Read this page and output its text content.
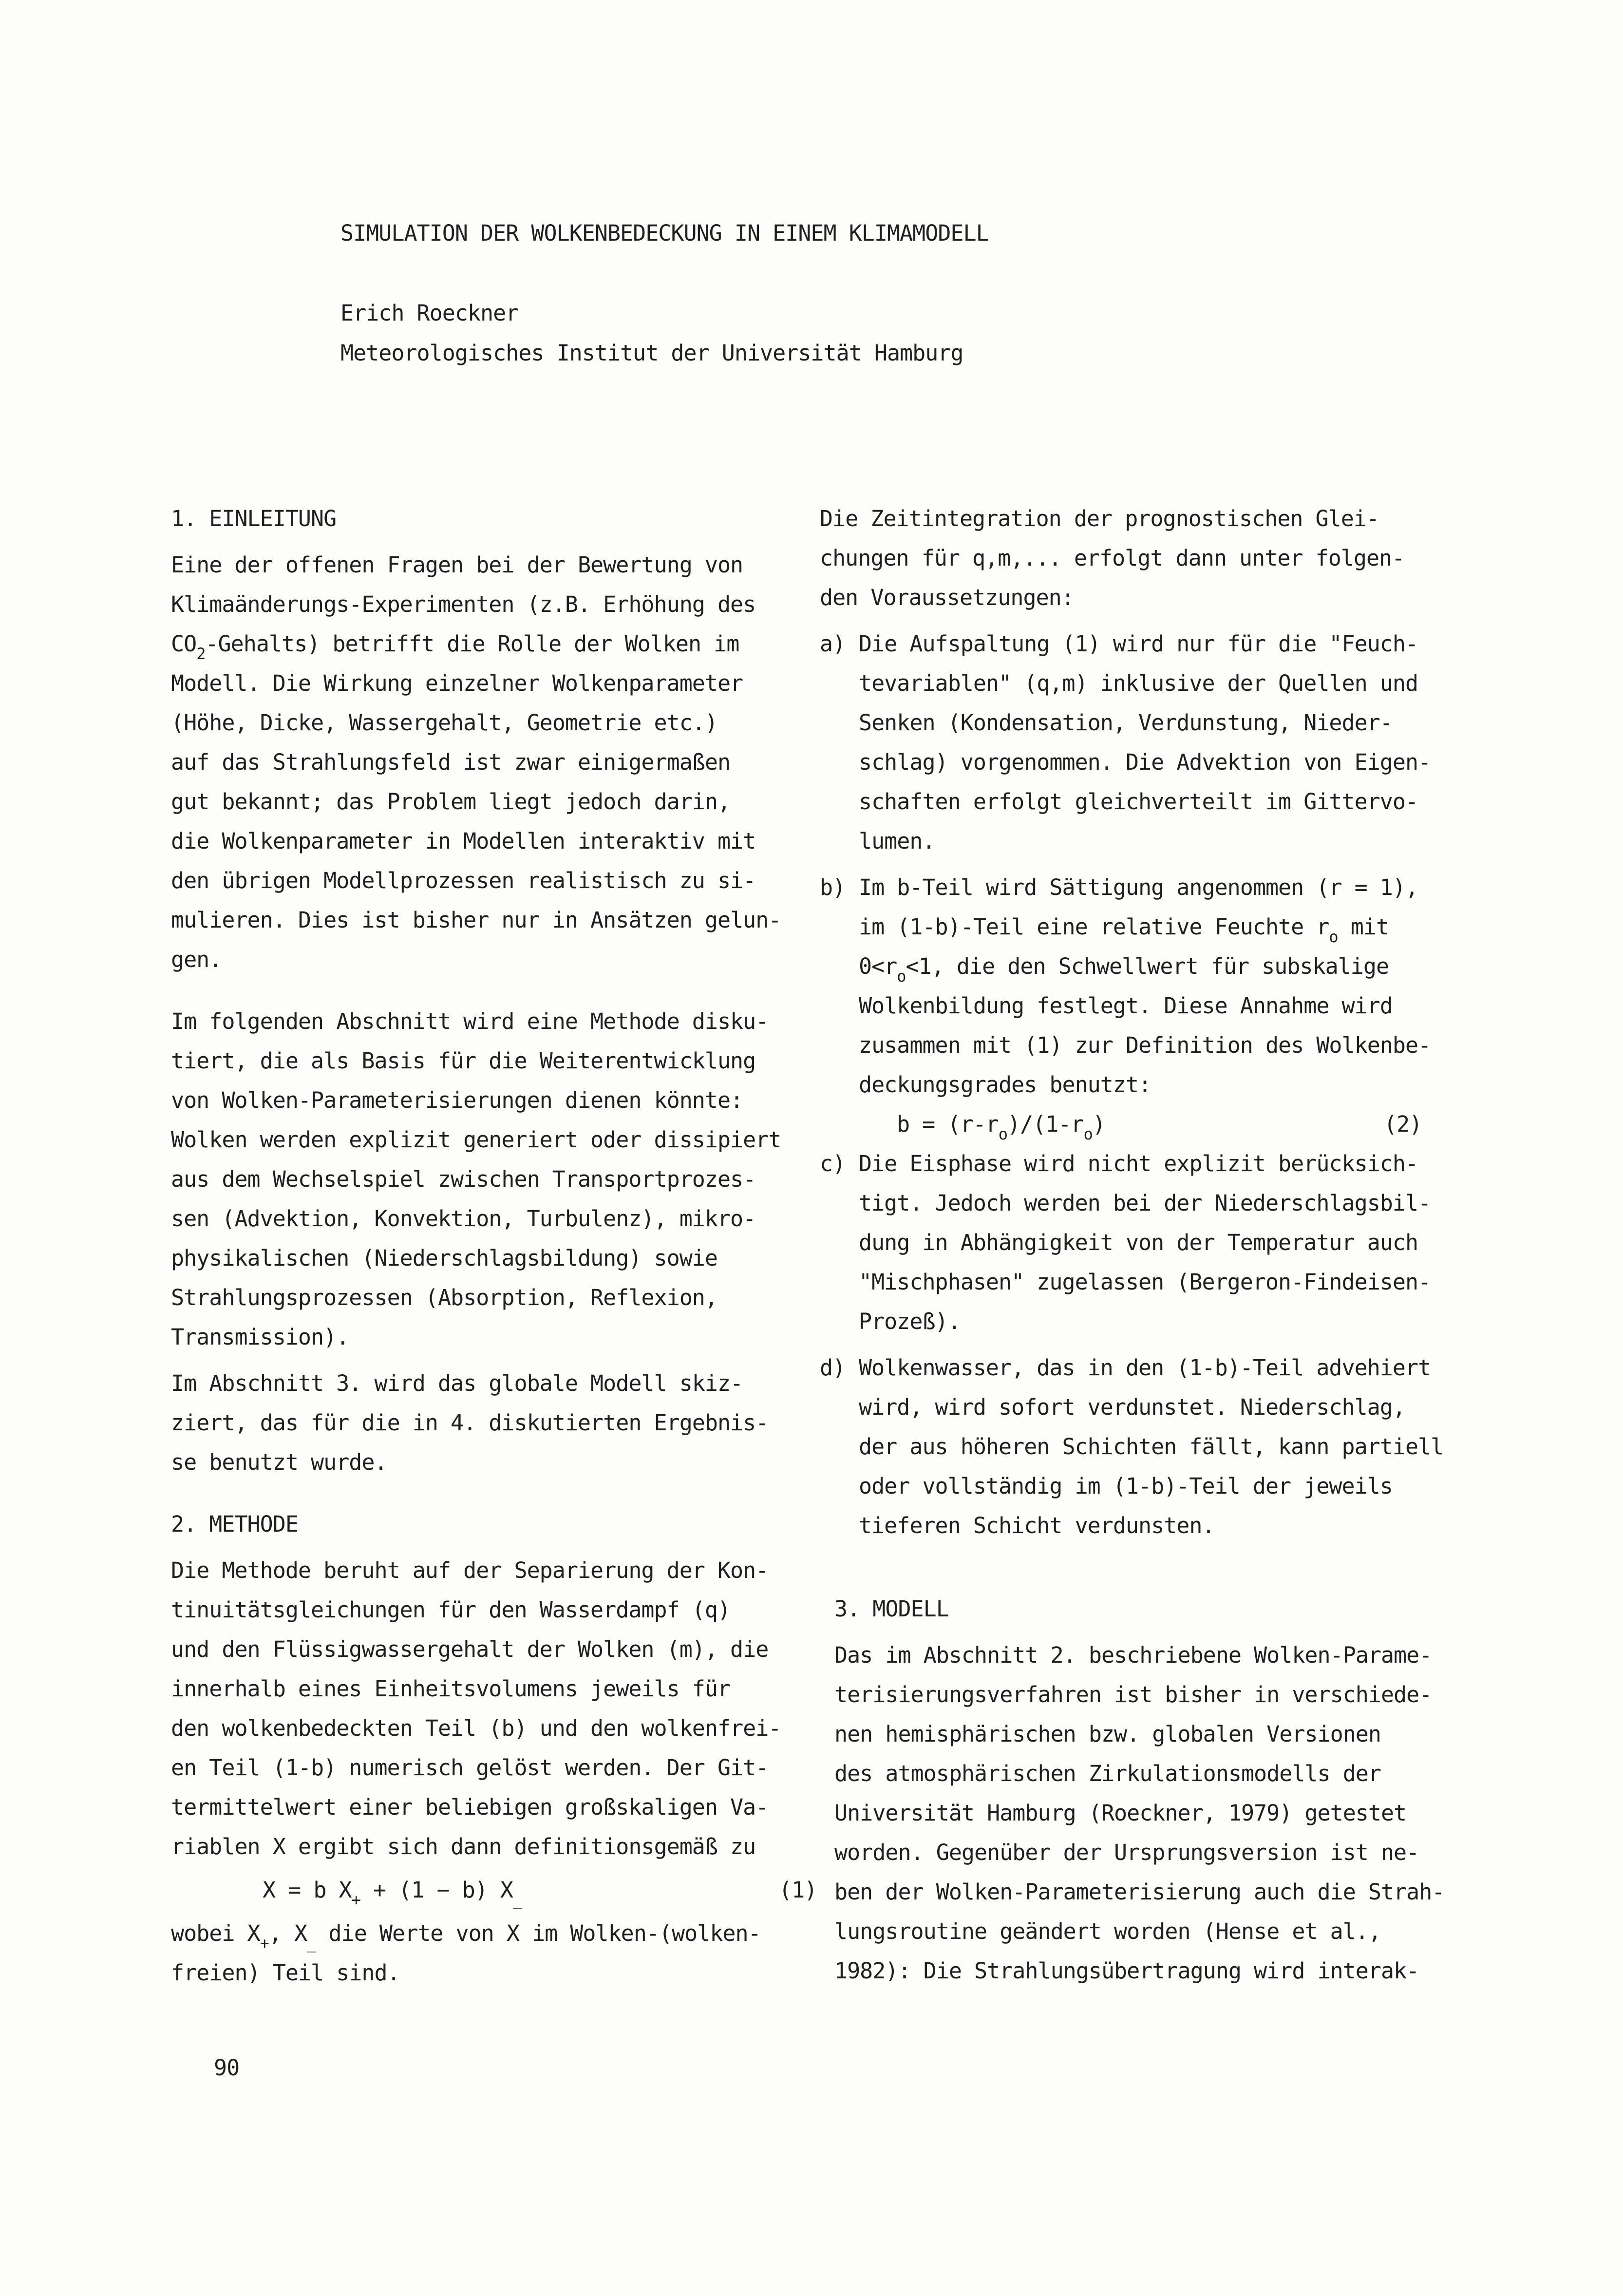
SIMULATION DER WOLKENBEDECKUNG IN EINEM KLIMAMODELL
Erich Roeckner
Meteorologisches Institut der Universität Hamburg
1. EINLEITUNG
Eine der offenen Fragen bei der Bewertung von
Klimaänderungs-Experimenten (z.B. Erhöhung des
$CO_2-Gehalts$) betrifft die Rolle der Wolken im
Modell. Die Wirkung einzelner Wolkenparameter
(Höhe, Dicke, Wassergehalt, Geometrie etc.)
auf das Strahlungsfeld ist zwar einigermaßen
gut bekannt; das Problem liegt jedoch darin,
die Wolkenparameter in Modellen interaktiv mit
den übrigen Modellprozessen realistisch zu si-
mulieren. Dies ist bisher nur in Ansätzen gelun-
gen.
Im folgenden Abschnitt wird eine Methode disku-
tiert, die als Basis für die Weiterentwicklung
von Wolken-Parameterisierungen dienen könnte:
Wolken werden explizit generiert oder dissipiert
aus dem Wechselspiel zwischen Transportprozes-
sen (Advektion, Konvektion, Turbulenz), mikro-
physikalischen (Niederschlagsbildung) sowie
Strahlungsprozessen (Absorption, Reflexion,
Transmission).
Im Abschnitt 3. wird das globale Modell skiz-
ziert, das für die in 4. diskutierten Ergebnis-
se benutzt wurde.
2. METHODE
Die Methode beruht auf der Separierung der Kon-
tinuitätsgleichungen für den Wasserdampf (q)
und den Flüssigwassergehalt der Wolken (m), die
innerhalb eines Einheitsvolumens jeweils für
den wolkenbedeckten Teil (b) und den wolkenfrei-
en Teil (1-b) numerisch gelöst werden. Der Git-
termittelwert einer beliebigen großskaligen Va-
riablen X ergibt sich dann definitionsgemäß zu
X = b $X_+ + (1 - b)$ $X_{\_}$	(1)
wobei $X_+$, $X_{\_}$ die Werte von X im Wolken-(wolken-
freien) Teil sind.
Die Zeitintegration der prognostischen Glei-
chungen für q,m,... erfolgt dann unter folgen-
den Voraussetzungen:
a) Die Aufspaltung (1) wird nur für die "Feuch-
tevariablen" (q,m) inklusive der Quellen und
Senken (Kondensation, Verdunstung, Nieder-
schlag) vorgenommen. Die Advektion von Eigen-
schaften erfolgt gleichverteilt im Gittervo-
lumen.
b) Im b-Teil wird Sättigung angenommen (r = 1),
im (1-b)-Teil eine relative Feuchte $r_o$ mit
$0<r_o<1$, die den Schwellwert für subskalige
Wolkenbildung festlegt. Diese Annahme wird
zusammen mit (1) zur Definition des Wolkenbe-
deckungsgrades benutzt:
$b = (r-r_o)/(1-r_o)$	(2)
c) Die Eisphase wird nicht explizit berücksich-
tigt. Jedoch werden bei der Niederschlagsbil-
dung in Abhängigkeit von der Temperatur auch
"Mischphasen" zugelassen (Bergeron-Findeisen-
Prozeß).
d) Wolkenwasser, das in den (1-b)-Teil advehiert
wird, wird sofort verdunstet. Niederschlag,
der aus höheren Schichten fällt, kann partiell
oder vollständig im (1-b)-Teil der jeweils
tieferen Schicht verdunsten.
3. MODELL
Das im Abschnitt 2. beschriebene Wolken-Parame-
terisierungsverfahren ist bisher in verschiede-
nen hemisphärischen bzw. globalen Versionen
des atmosphärischen Zirkulationsmodells der
Universität Hamburg (Roeckner, 1979) getestet
worden. Gegenüber der Ursprungsversion ist ne-
ben der Wolken-Parameterisierung auch die Strah-
lungsroutine geändert worden (Hense et al.,
1982): Die Strahlungsübertragung wird interak-
90
